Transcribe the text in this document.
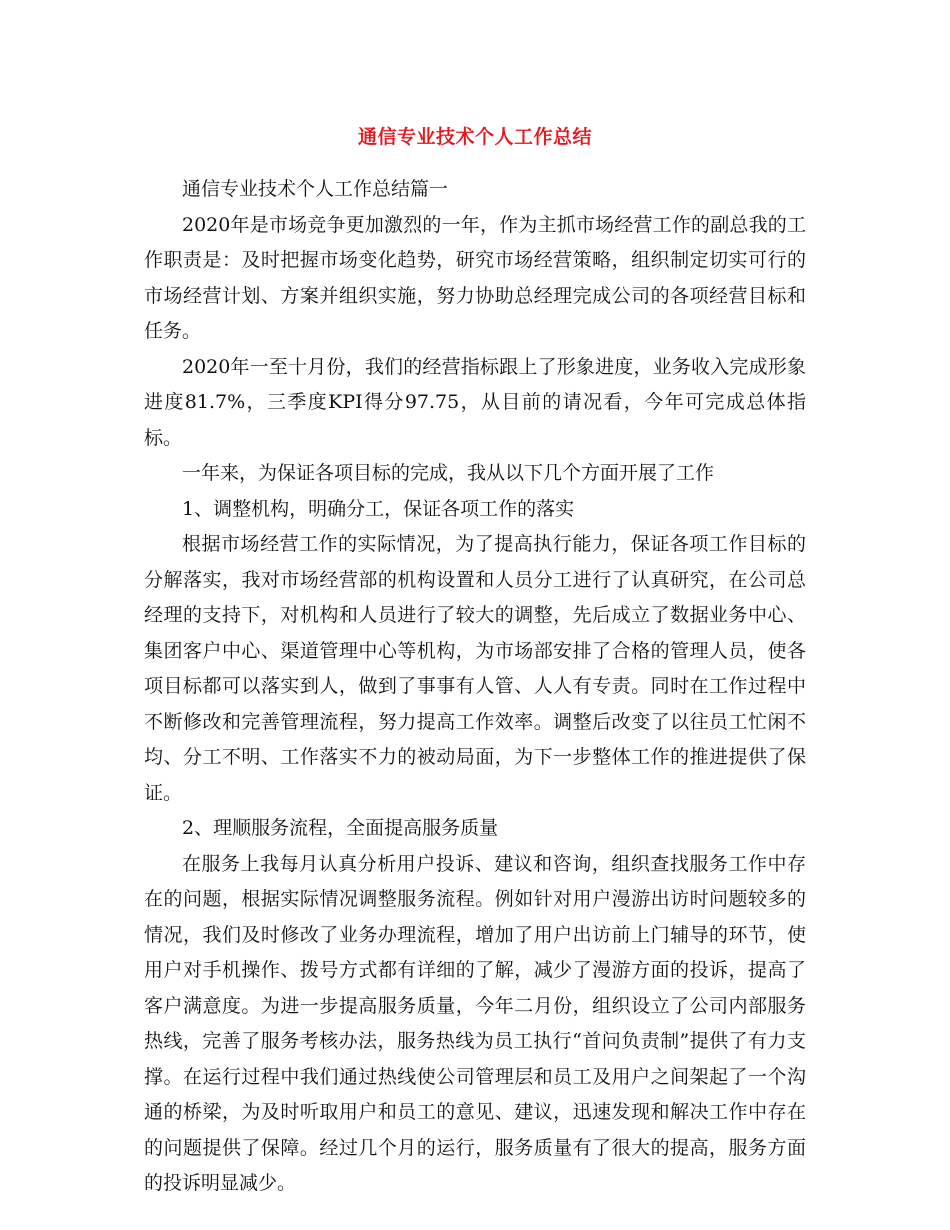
通信专业技术个人工作总结

通信专业技术个人工作总结篇一

2020年是市场竞争更加激烈的一年，作为主抓市场经营工作的副总我的工作职责是：及时把握市场变化趋势，研究市场经营策略，组织制定切实可行的市场经营计划、方案并组织实施，努力协助总经理完成公司的各项经营目标和任务。

2020年一至十月份，我们的经营指标跟上了形象进度，业务收入完成形象进度81.7%，三季度KPI得分97.75，从目前的请况看，今年可完成总体指标。

一年来，为保证各项目标的完成，我从以下几个方面开展了工作

1、调整机构，明确分工，保证各项工作的落实

根据市场经营工作的实际情况，为了提高执行能力，保证各项工作目标的分解落实，我对市场经营部的机构设置和人员分工进行了认真研究，在公司总经理的支持下，对机构和人员进行了较大的调整，先后成立了数据业务中心、集团客户中心、渠道管理中心等机构，为市场部安排了合格的管理人员，使各项目标都可以落实到人，做到了事事有人管、人人有专责。同时在工作过程中不断修改和完善管理流程，努力提高工作效率。调整后改变了以往员工忙闲不均、分工不明、工作落实不力的被动局面，为下一步整体工作的推进提供了保证。

2、理顺服务流程，全面提高服务质量

在服务上我每月认真分析用户投诉、建议和咨询，组织查找服务工作中存在的问题，根据实际情况调整服务流程。例如针对用户漫游出访时问题较多的情况，我们及时修改了业务办理流程，增加了用户出访前上门辅导的环节，使用户对手机操作、拨号方式都有详细的了解，减少了漫游方面的投诉，提高了客户满意度。为进一步提高服务质量，今年二月份，组织设立了公司内部服务热线，完善了服务考核办法，服务热线为员工执行“首问负责制”提供了有力支撑。在运行过程中我们通过热线使公司管理层和员工及用户之间架起了一个沟通的桥梁，为及时听取用户和员工的意见、建议，迅速发现和解决工作中存在的问题提供了保障。经过几个月的运行，服务质量有了很大的提高，服务方面的投诉明显减少。
